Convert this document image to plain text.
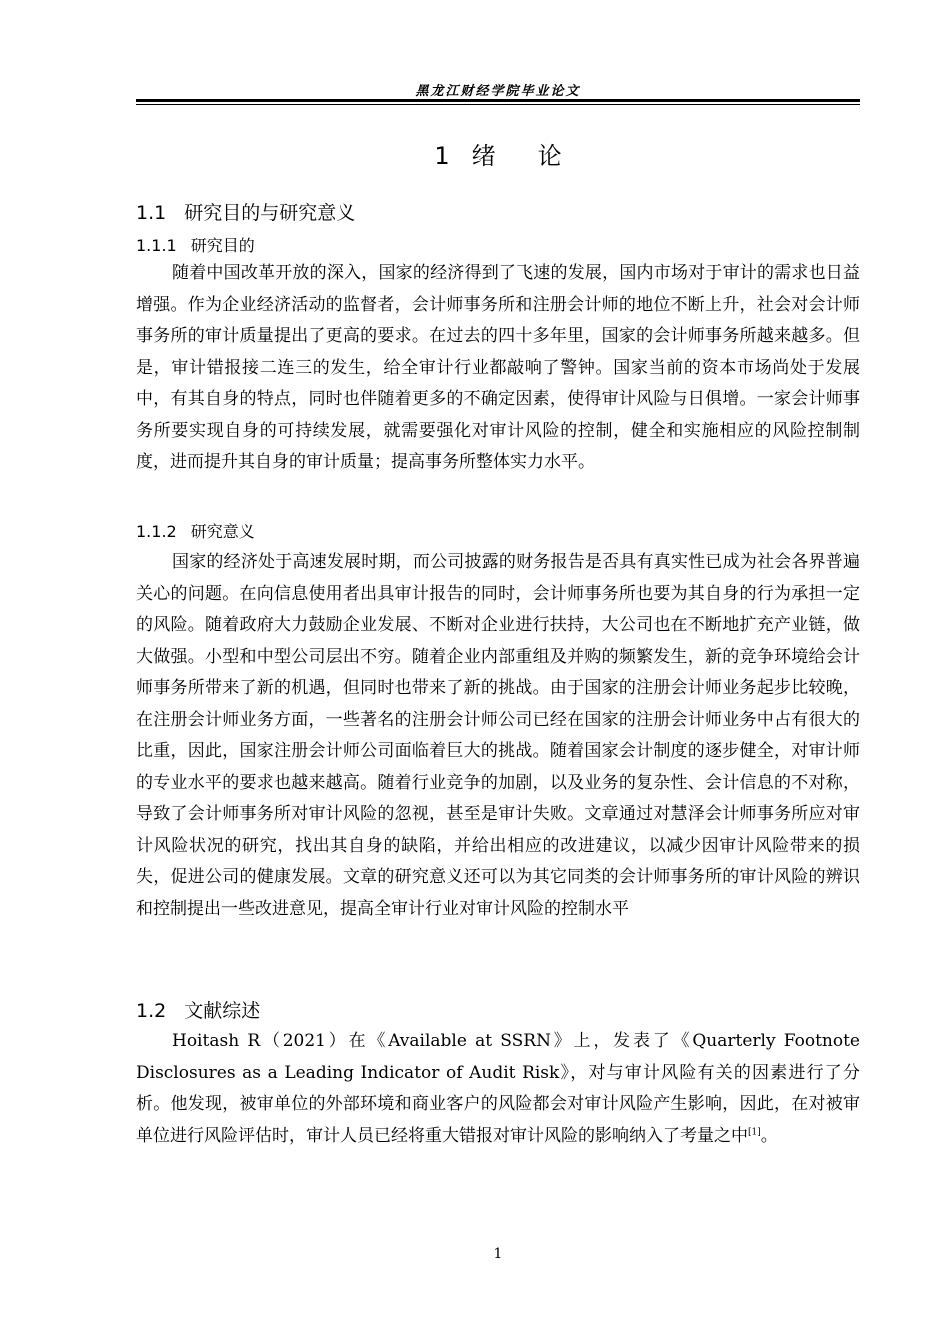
黑龙江财经学院毕业论文
1 绪 论
1.1 研究目的与研究意义
1.1.1 研究目的

随着中国改革开放的深入，国家的经济得到了飞速的发展，国内市场对于审计的需求也日益增强。作为企业经济活动的监督者，会计师事务所和注册会计师的地位不断上升，社会对会计师事务所的审计质量提出了更高的要求。在过去的四十多年里，国家的会计师事务所越来越多。但是，审计错报接二连三的发生，给全审计行业都敲响了警钟。国家当前的资本市场尚处于发展中，有其自身的特点，同时也伴随着更多的不确定因素，使得审计风险与日俱增。一家会计师事务所要实现自身的可持续发展，就需要强化对审计风险的控制，健全和实施相应的风险控制制度，进而提升其自身的审计质量；提高事务所整体实力水平。

1.1.2 研究意义

国家的经济处于高速发展时期，而公司披露的财务报告是否具有真实性已成为社会各界普遍关心的问题。在向信息使用者出具审计报告的同时，会计师事务所也要为其自身的行为承担一定的风险。随着政府大力鼓励企业发展、不断对企业进行扶持，大公司也在不断地扩充产业链，做大做强。小型和中型公司层出不穷。随着企业内部重组及并购的频繁发生，新的竞争环境给会计师事务所带来了新的机遇，但同时也带来了新的挑战。由于国家的注册会计师业务起步比较晚，在注册会计师业务方面，一些著名的注册会计师公司已经在国家的注册会计师业务中占有很大的比重，因此，国家注册会计师公司面临着巨大的挑战。随着国家会计制度的逐步健全，对审计师的专业水平的要求也越来越高。随着行业竞争的加剧，以及业务的复杂性、会计信息的不对称，导致了会计师事务所对审计风险的忽视，甚至是审计失败。文章通过对慧泽会计师事务所应对审计风险状况的研究，找出其自身的缺陷，并给出相应的改进建议，以减少因审计风险带来的损失，促进公司的健康发展。文章的研究意义还可以为其它同类的会计师事务所的审计风险的辨识和控制提出一些改进意见，提高全审计行业对审计风险的控制水平

1.2 文献综述

Hoitash R（2021）在《Available at SSRN》上，发表了《Quarterly Footnote Disclosures as a Leading Indicator of Audit Risk》，对与审计风险有关的因素进行了分析。他发现，被审单位的外部环境和商业客户的风险都会对审计风险产生影响，因此，在对被审单位进行风险评估时，审计人员已经将重大错报对审计风险的影响纳入了考量之中[1]。

1
